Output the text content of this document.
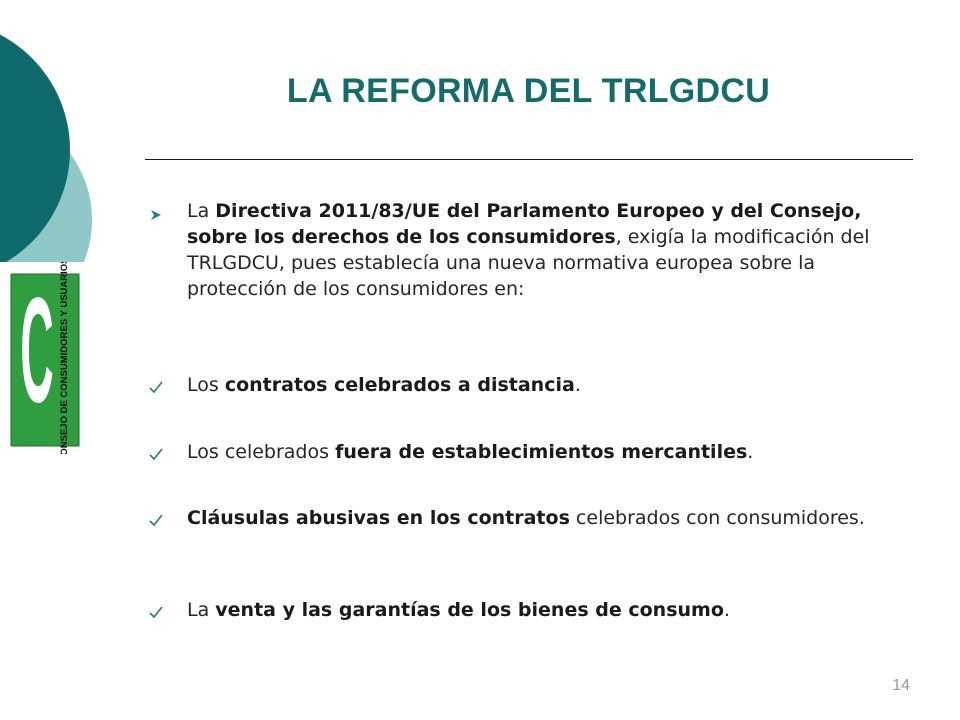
C CONSEJO DE CONSUMIDORES Y USUARIOS
LA REFORMA DEL TRLGDCU
La Directiva 2011/83/UE del Parlamento Europeo y del Consejo, sobre los derechos de los consumidores, exigía la modificación del TRLGDCU, pues establecía una nueva normativa europea sobre la protección de los consumidores en:
Los contratos celebrados a distancia.
Los celebrados fuera de establecimientos mercantiles.
Cláusulas abusivas en los contratos celebrados con consumidores.
La venta y las garantías de los bienes de consumo.
14
